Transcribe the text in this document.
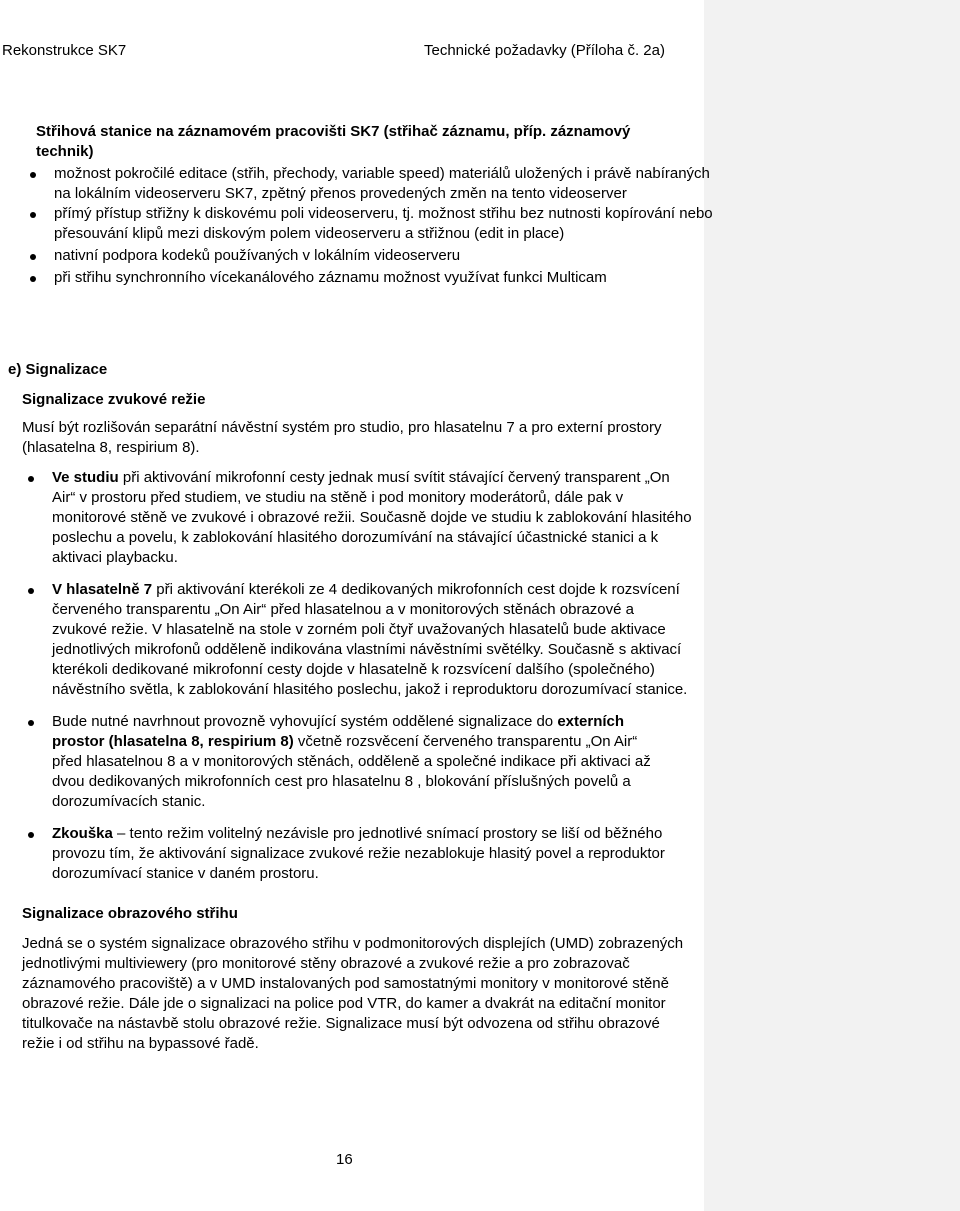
Rekonstrukce SK7	Technické požadavky (Příloha č. 2a)
Střihová stanice na záznamovém pracovišti SK7 (střihač záznamu, příp. záznamový technik)
možnost pokročilé editace (střih, přechody, variable speed) materiálů uložených i právě nabíraných na lokálním videoserveru SK7, zpětný přenos provedených změn na tento videoserver
přímý přístup střižny k diskovému poli videoserveru, tj. možnost střihu bez nutnosti kopírování nebo přesouvání klipů mezi diskovým polem videoserveru a střižnou (edit in place)
nativní podpora kodeků používaných v lokálním videoserveru
při střihu synchronního vícekanálového záznamu možnost využívat funkci Multicam
e) Signalizace
Signalizace zvukové režie

Musí být rozlišován separátní návěstní systém pro studio, pro hlasatelnu 7 a pro externí prostory (hlasatelna 8, respirium 8).

Ve studiu při aktivování mikrofonní cesty jednak musí svítit stávající červený transparent „On Air“ v prostoru před studiem, ve studiu na stěně i pod monitory moderátorů, dále pak v monitorové stěně ve zvukové i obrazové režii. Současně dojde ve studiu k zablokování hlasitého poslechu a povelu, k zablokování hlasitého dorozumívání na stávající účastnické stanici a k aktivaci playbacku.
V hlasatelně 7 při aktivování kterékoli ze 4 dedikovaných mikrofonních cest dojde k rozsvícení červeného transparentu „On Air“ před hlasatelnou a v monitorových stěnách obrazové a zvukové režie. V hlasatelně na stole v zorném poli čtyř uvažovaných hlasatelů bude aktivace jednotlivých mikrofonů odděleně indikována vlastními návěstními světélky. Současně s aktivací kterékoli dedikované mikrofonní cesty dojde v hlasatelně k rozsvícení dalšího (společného) návěstního světla, k zablokování hlasitého poslechu, jakož i reproduktoru dorozumívací stanice.
Bude nutné navrhnout provozně vyhovující systém oddělené signalizace do externích prostor (hlasatelna 8, respirium 8) včetně rozsvěcení červeného transparentu „On Air“ před hlasatelnou 8 a v monitorových stěnách, odděleně a společné indikace při aktivaci až dvou dedikovaných mikrofonních cest pro hlasatelnu 8 , blokování příslušných povelů a dorozumívacích stanic.
Zkouška – tento režim volitelný nezávisle pro jednotlivé snímací prostory se liší od běžného provozu tím, že aktivování signalizace zvukové režie nezablokuje hlasitý povel a reproduktor dorozumívací stanice v daném prostoru.
Signalizace obrazového střihu

Jedná se o systém signalizace obrazového střihu v podmonitorových displejích (UMD) zobrazených jednotlivými multiviewery (pro monitorové stěny obrazové a zvukové režie a pro zobrazovač záznamového pracoviště) a v UMD instalovaných pod samostatnými monitory v monitorové stěně obrazové režie. Dále jde o signalizaci na police pod VTR, do kamer a dvakrát na editační monitor titulkovače na nástavbě stolu obrazové režie. Signalizace musí být odvozena od střihu obrazové režie i od střihu na bypassové řadě.

16
